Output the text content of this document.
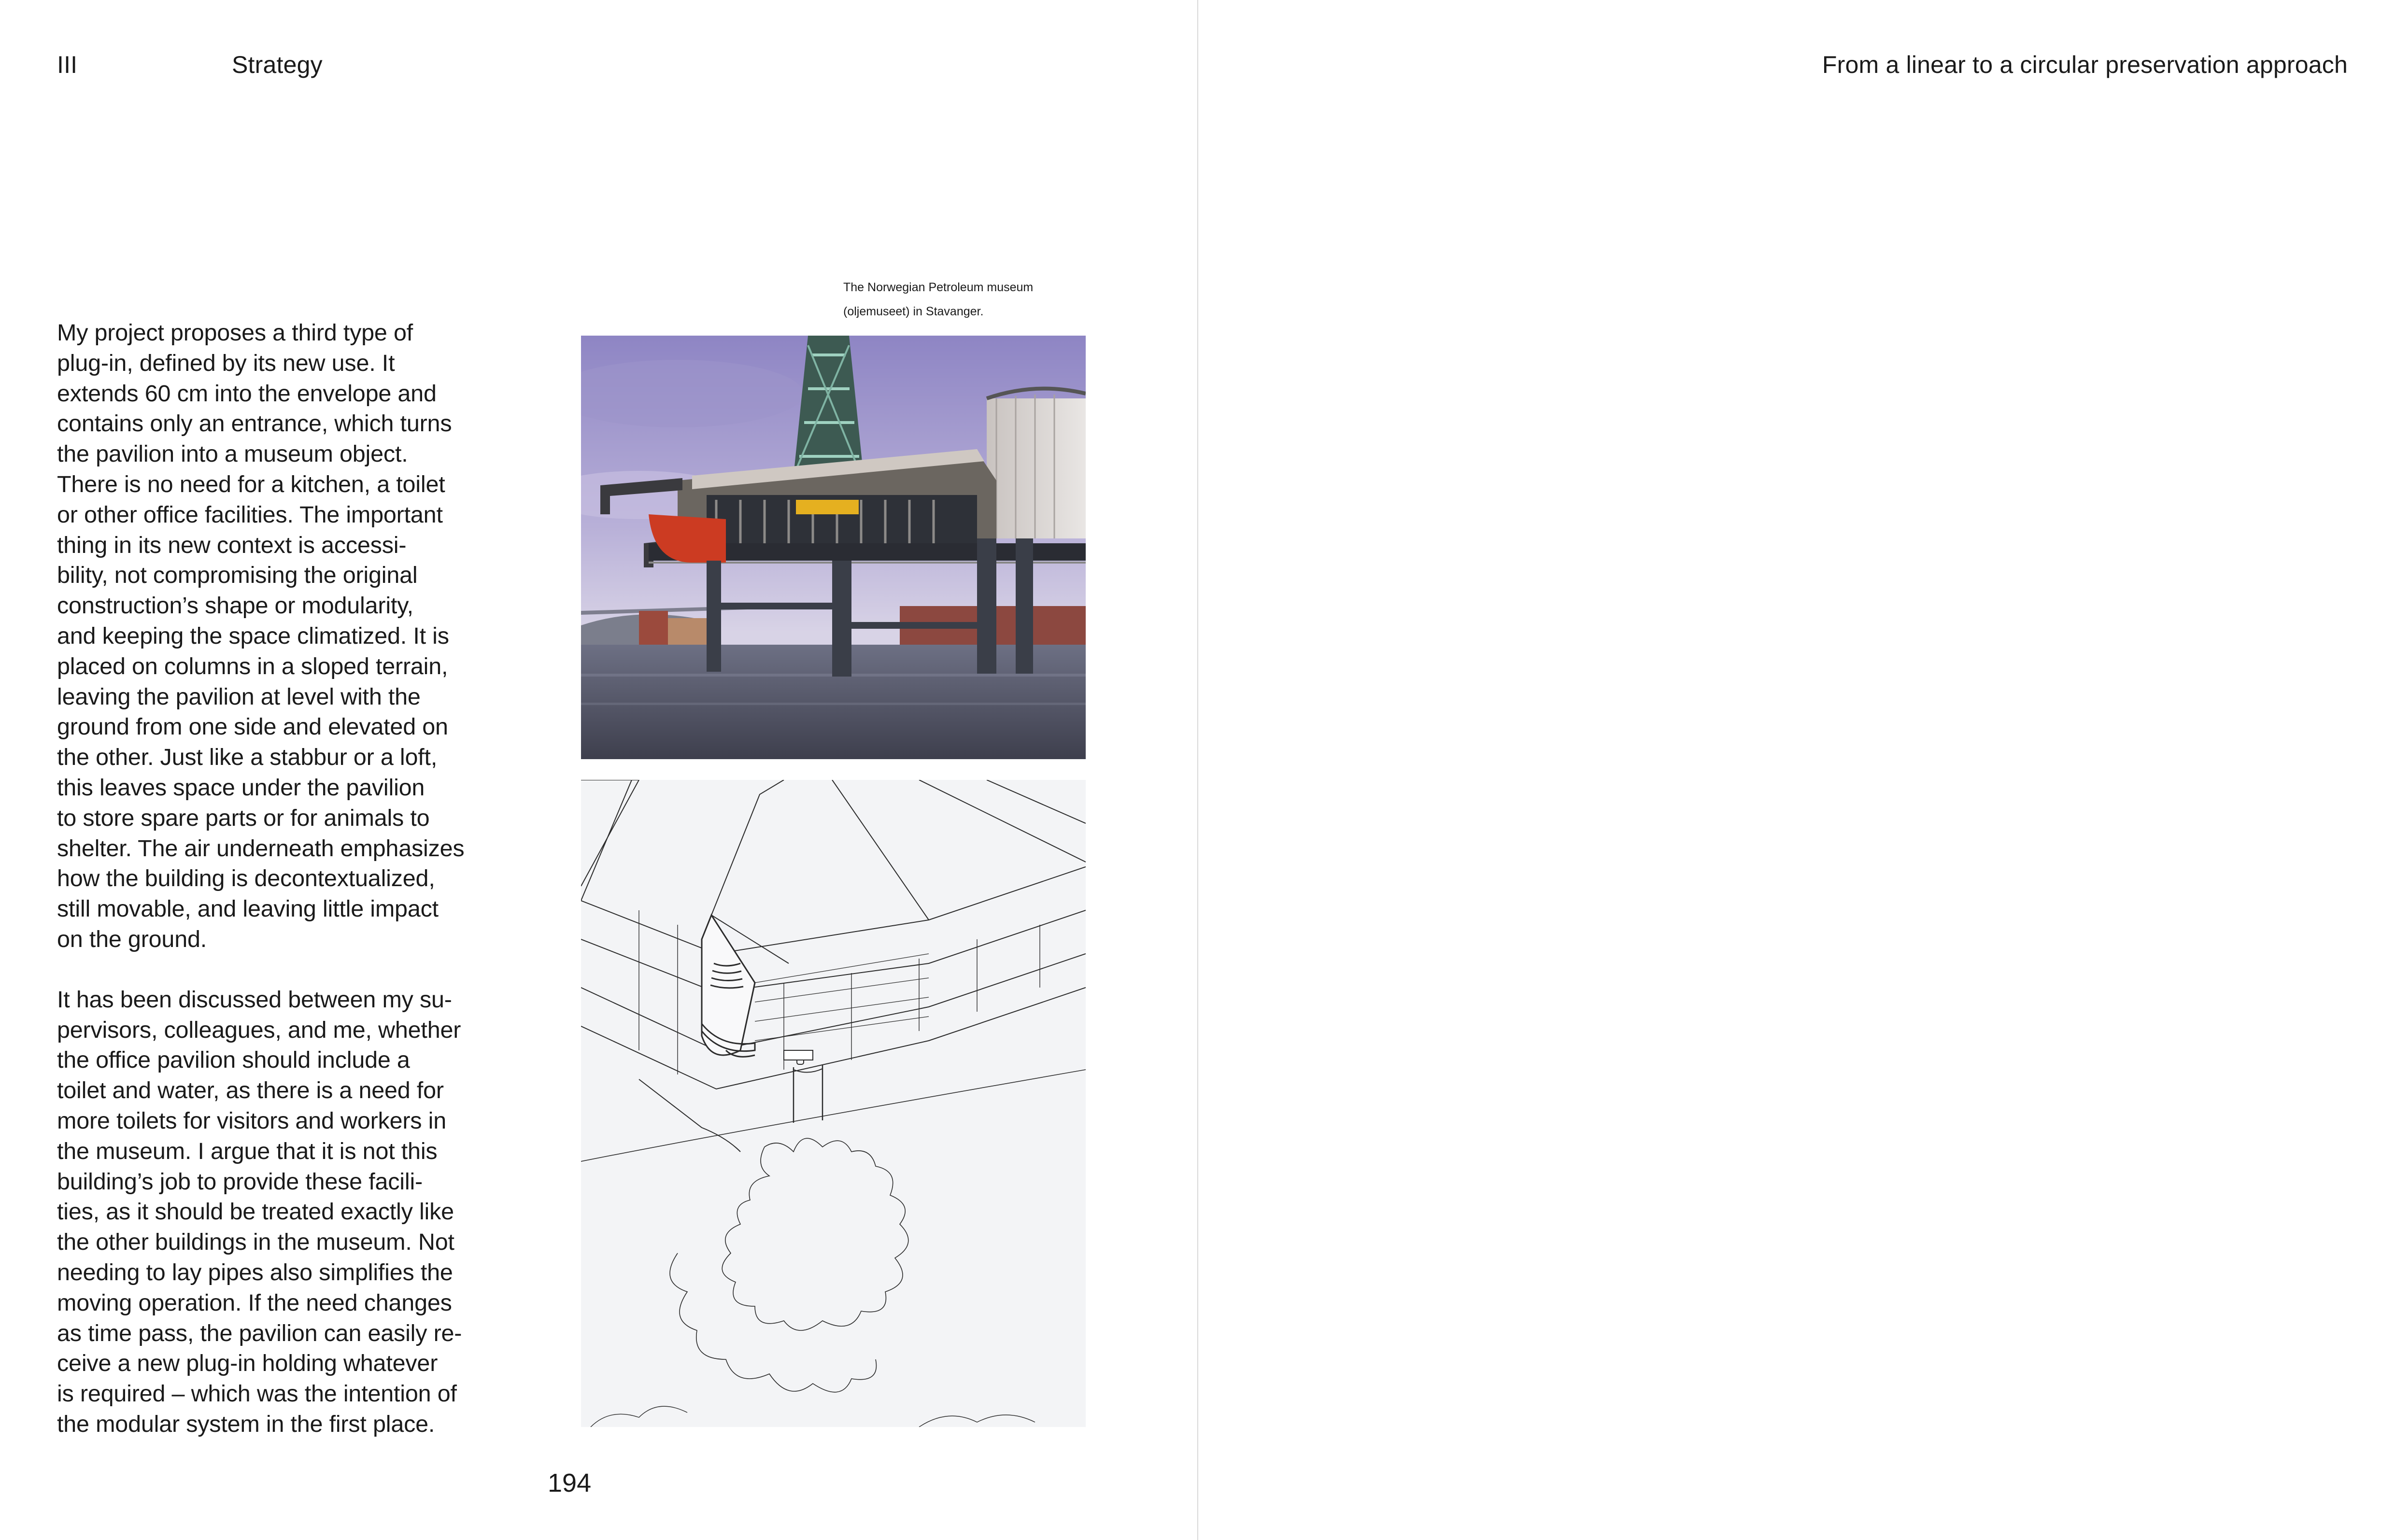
III	Strategy

My project proposes a third type of
plug-in, defined by its new use. It
extends 60 cm into the envelope and
contains only an entrance, which turns
the pavilion into a museum object.
There is no need for a kitchen, a toilet
or other office facilities. The important
thing in its new context is accessi-
bility, not compromising the original
construction’s shape or modularity,
and keeping the space climatized. It is
placed on columns in a sloped terrain,
leaving the pavilion at level with the
ground from one side and elevated on
the other. Just like a stabbur or a loft,
this leaves space under the pavilion
to store spare parts or for animals to
shelter. The air underneath emphasizes
how the building is decontextualized,
still movable, and leaving little impact
on the ground.

It has been discussed between my su-
pervisors, colleagues, and me, whether
the office pavilion should include a
toilet and water, as there is a need for
more toilets for visitors and workers in
the museum. I argue that it is not this
building’s job to provide these facili-
ties, as it should be treated exactly like
the other buildings in the museum. Not
needing to lay pipes also simplifies the
moving operation. If the need changes
as time pass, the pavilion can easily re-
ceive a new plug-in holding whatever
is required – which was the intention of
the modular system in the first place.

The Norwegian Petroleum museum
(oljemuseet) in Stavanger.
194
From a linear to a circular preservation approach
